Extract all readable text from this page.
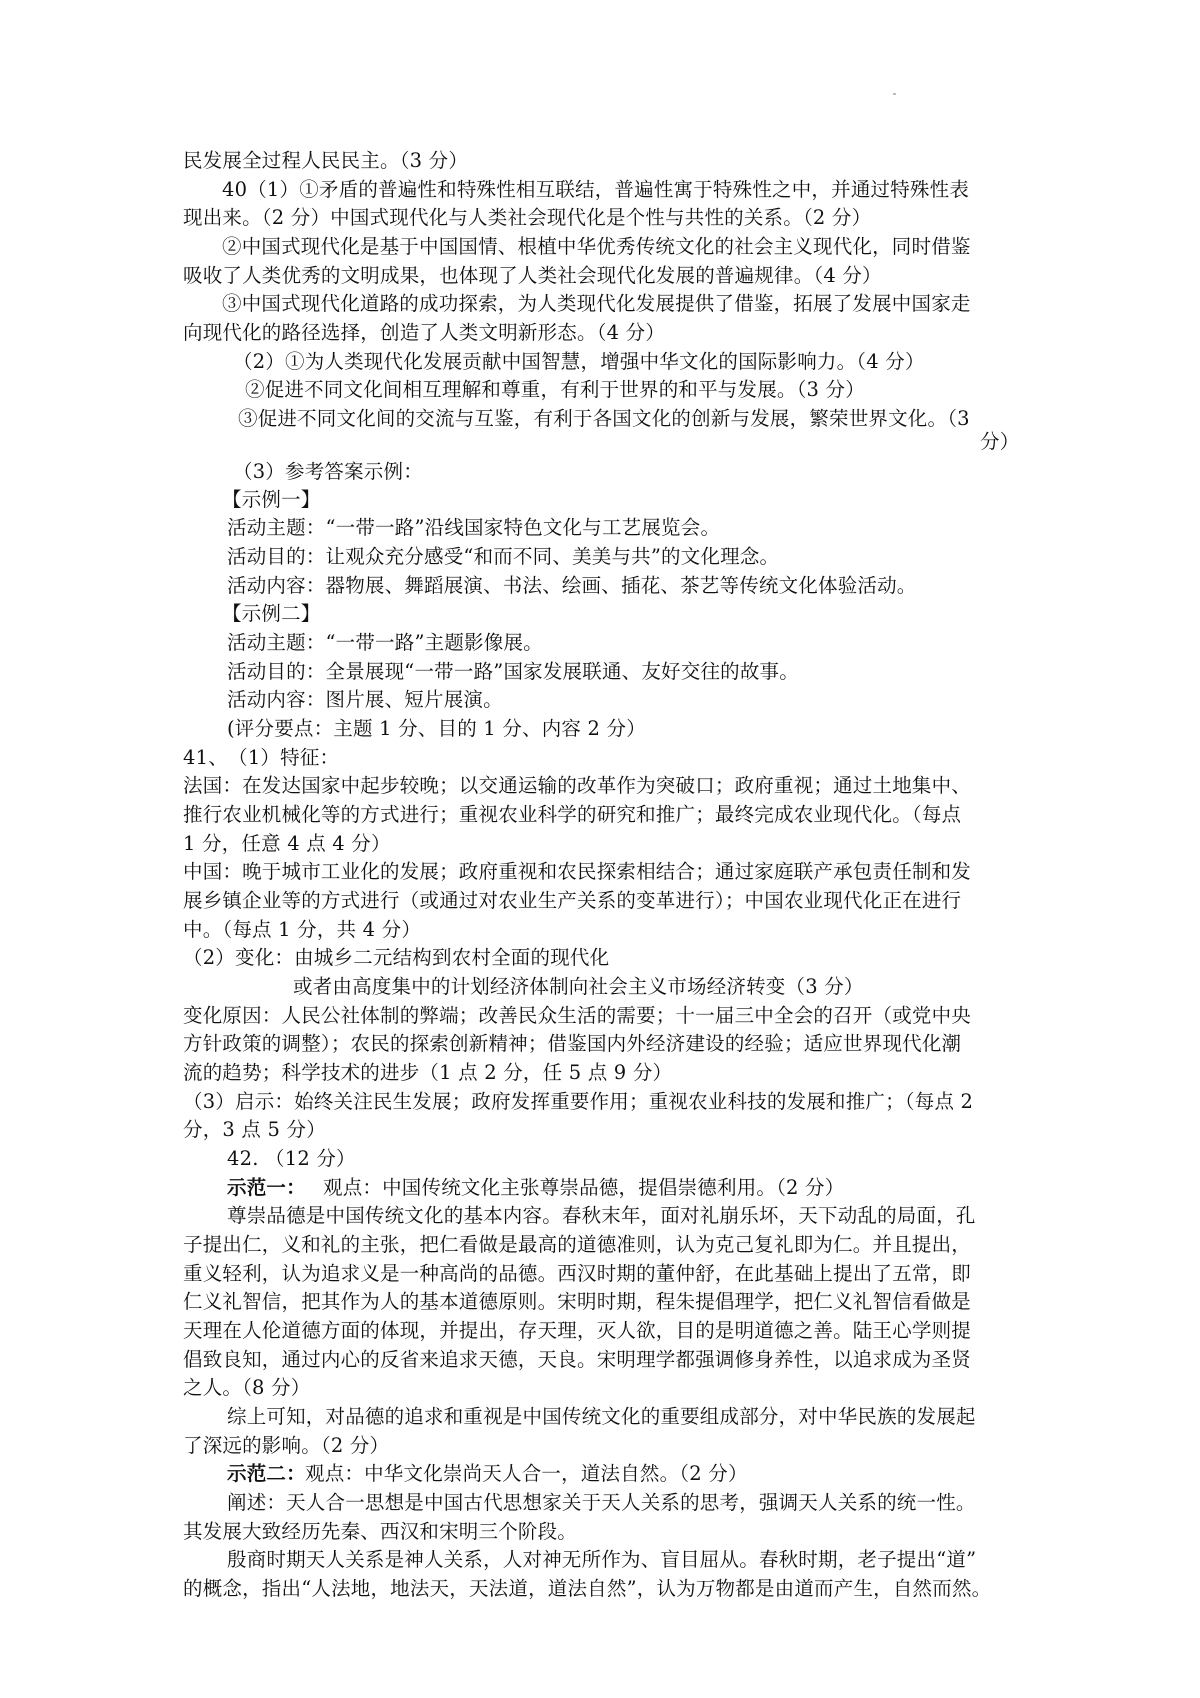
民发展全过程人民民主。（3 分）
40（1）①矛盾的普遍性和特殊性相互联结，普遍性寓于特殊性之中，并通过特殊性表
现出来。（2 分）中国式现代化与人类社会现代化是个性与共性的关系。（2 分）
②中国式现代化是基于中国国情、根植中华优秀传统文化的社会主义现代化，同时借鉴
吸收了人类优秀的文明成果，也体现了人类社会现代化发展的普遍规律。（4 分）
③中国式现代化道路的成功探索，为人类现代化发展提供了借鉴，拓展了发展中国家走
向现代化的路径选择，创造了人类文明新形态。（4 分）
（2）①为人类现代化发展贡献中国智慧，增强中华文化的国际影响力。（4 分）
②促进不同文化间相互理解和尊重，有利于世界的和平与发展。（3 分）
③促进不同文化间的交流与互鉴，有利于各国文化的创新与发展，繁荣世界文化。（3
分）
（3）参考答案示例：
【示例一】
活动主题：“一带一路”沿线国家特色文化与工艺展览会。
活动目的：让观众充分感受“和而不同、美美与共”的文化理念。
活动内容：器物展、舞蹈展演、书法、绘画、插花、茶艺等传统文化体验活动。
【示例二】
活动主题：“一带一路”主题影像展。
活动目的：全景展现“一带一路”国家发展联通、友好交往的故事。
活动内容：图片展、短片展演。
(评分要点：主题 1 分、目的 1 分、内容 2 分）
41、　（1）特征：
法国：在发达国家中起步较晚；以交通运输的改革作为突破口；政府重视；通过土地集中、
推行农业机械化等的方式进行；重视农业科学的研究和推广；最终完成农业现代化。（每点
1 分，任意 4 点 4 分）
中国：晚于城市工业化的发展；政府重视和农民探索相结合；通过家庭联产承包责任制和发
展乡镇企业等的方式进行（或通过对农业生产关系的变革进行）；中国农业现代化正在进行
中。（每点 1 分，共 4 分）
（2）变化：由城乡二元结构到农村全面的现代化
或者由高度集中的计划经济体制向社会主义市场经济转变（3 分）
变化原因：人民公社体制的弊端；改善民众生活的需要；十一届三中全会的召开（或党中央
方针政策的调整）；农民的探索创新精神；借鉴国内外经济建设的经验；适应世界现代化潮
流的趋势；科学技术的进步（1 点 2 分，任 5 点 9 分）
（3）启示：始终关注民生发展；政府发挥重要作用；重视农业科技的发展和推广；（每点 2
分，3 点 5 分）
42. （12 分）
示范一： 观点：中国传统文化主张尊崇品德，提倡崇德利用。（2 分）
尊崇品德是中国传统文化的基本内容。春秋末年，面对礼崩乐坏，天下动乱的局面，孔
子提出仁，义和礼的主张，把仁看做是最高的道德准则，认为克己复礼即为仁。并且提出，
重义轻利，认为追求义是一种高尚的品德。西汉时期的董仲舒，在此基础上提出了五常，即
仁义礼智信，把其作为人的基本道德原则。宋明时期，程朱提倡理学，把仁义礼智信看做是
天理在人伦道德方面的体现，并提出，存天理，灭人欲，目的是明道德之善。陆王心学则提
倡致良知，通过内心的反省来追求天德，天良。宋明理学都强调修身养性，以追求成为圣贤
之人。（8 分）
综上可知，对品德的追求和重视是中国传统文化的重要组成部分，对中华民族的发展起
了深远的影响。（2 分）
示范二： 观点：中华文化崇尚天人合一，道法自然。（2 分）
阐述：天人合一思想是中国古代思想家关于天人关系的思考，强调天人关系的统一性。
其发展大致经历先秦、西汉和宋明三个阶段。
殷商时期天人关系是神人关系，人对神无所作为、盲目屈从。春秋时期，老子提出“道”
的概念，指出“人法地，地法天，天法道，道法自然”，认为万物都是由道而产生，自然而然。
